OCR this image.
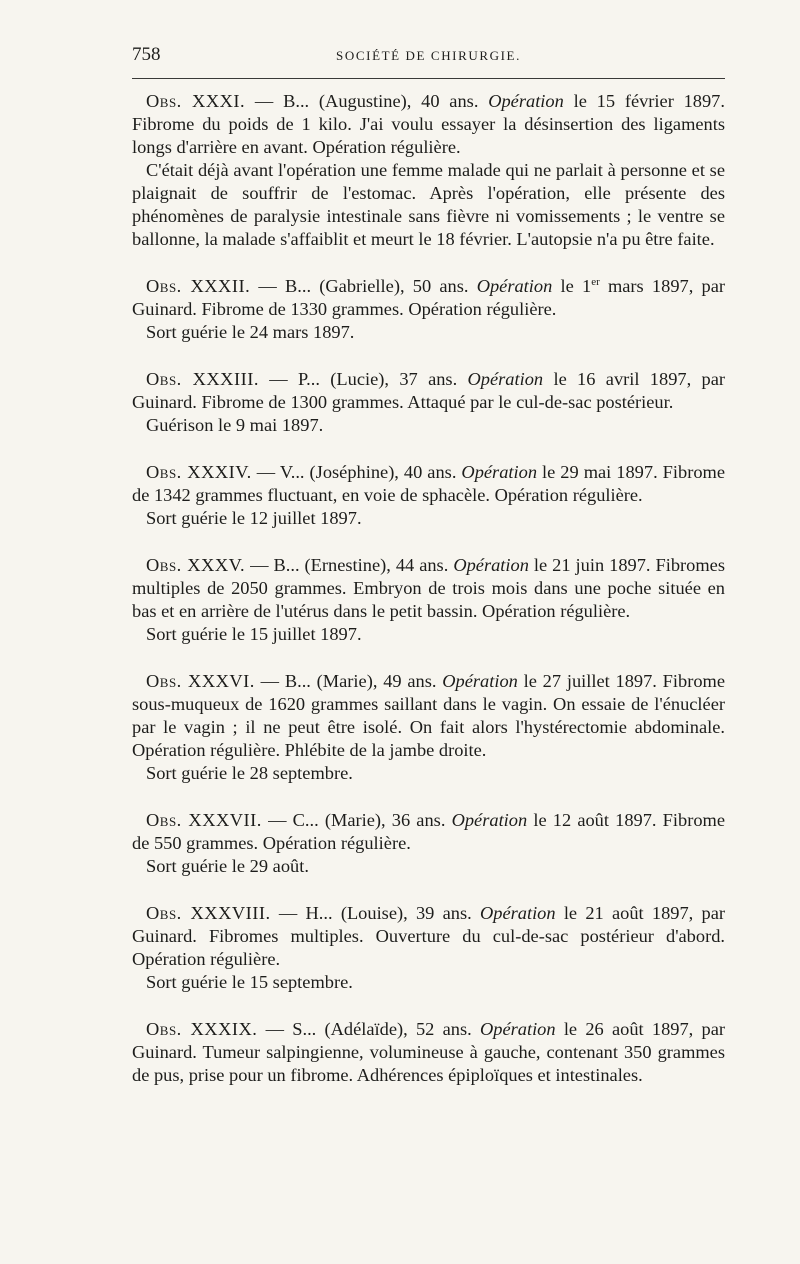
758	SOCIÉTÉ DE CHIRURGIE.

Obs. XXXI. — B... (Augustine), 40 ans. Opération le 15 février 1897. Fibrome du poids de 1 kilo. J'ai voulu essayer la désinsertion des ligaments longs d'arrière en avant. Opération régulière.

C'était déjà avant l'opération une femme malade qui ne parlait à personne et se plaignait de souffrir de l'estomac. Après l'opération, elle présente des phénomènes de paralysie intestinale sans fièvre ni vomissements ; le ventre se ballonne, la malade s'affaiblit et meurt le 18 février. L'autopsie n'a pu être faite.

Obs. XXXII. — B... (Gabrielle), 50 ans. Opération le 1er mars 1897, par Guinard. Fibrome de 1330 grammes. Opération régulière.

Sort guérie le 24 mars 1897.

Obs. XXXIII. — P... (Lucie), 37 ans. Opération le 16 avril 1897, par Guinard. Fibrome de 1300 grammes. Attaqué par le cul-de-sac postérieur.

Guérison le 9 mai 1897.

Obs. XXXIV. — V... (Joséphine), 40 ans. Opération le 29 mai 1897. Fibrome de 1342 grammes fluctuant, en voie de sphacèle. Opération régulière.

Sort guérie le 12 juillet 1897.

Obs. XXXV. — B... (Ernestine), 44 ans. Opération le 21 juin 1897. Fibromes multiples de 2050 grammes. Embryon de trois mois dans une poche située en bas et en arrière de l'utérus dans le petit bassin. Opération régulière.

Sort guérie le 15 juillet 1897.

Obs. XXXVI. — B... (Marie), 49 ans. Opération le 27 juillet 1897. Fibrome sous-muqueux de 1620 grammes saillant dans le vagin. On essaie de l'énucléer par le vagin ; il ne peut être isolé. On fait alors l'hystérectomie abdominale. Opération régulière. Phlébite de la jambe droite.

Sort guérie le 28 septembre.

Obs. XXXVII. — C... (Marie), 36 ans. Opération le 12 août 1897. Fibrome de 550 grammes. Opération régulière.

Sort guérie le 29 août.

Obs. XXXVIII. — H... (Louise), 39 ans. Opération le 21 août 1897, par Guinard. Fibromes multiples. Ouverture du cul-de-sac postérieur d'abord. Opération régulière.

Sort guérie le 15 septembre.

Obs. XXXIX. — S... (Adélaïde), 52 ans. Opération le 26 août 1897, par Guinard. Tumeur salpingienne, volumineuse à gauche, contenant 350 grammes de pus, prise pour un fibrome. Adhérences épiploïques et intestinales.
